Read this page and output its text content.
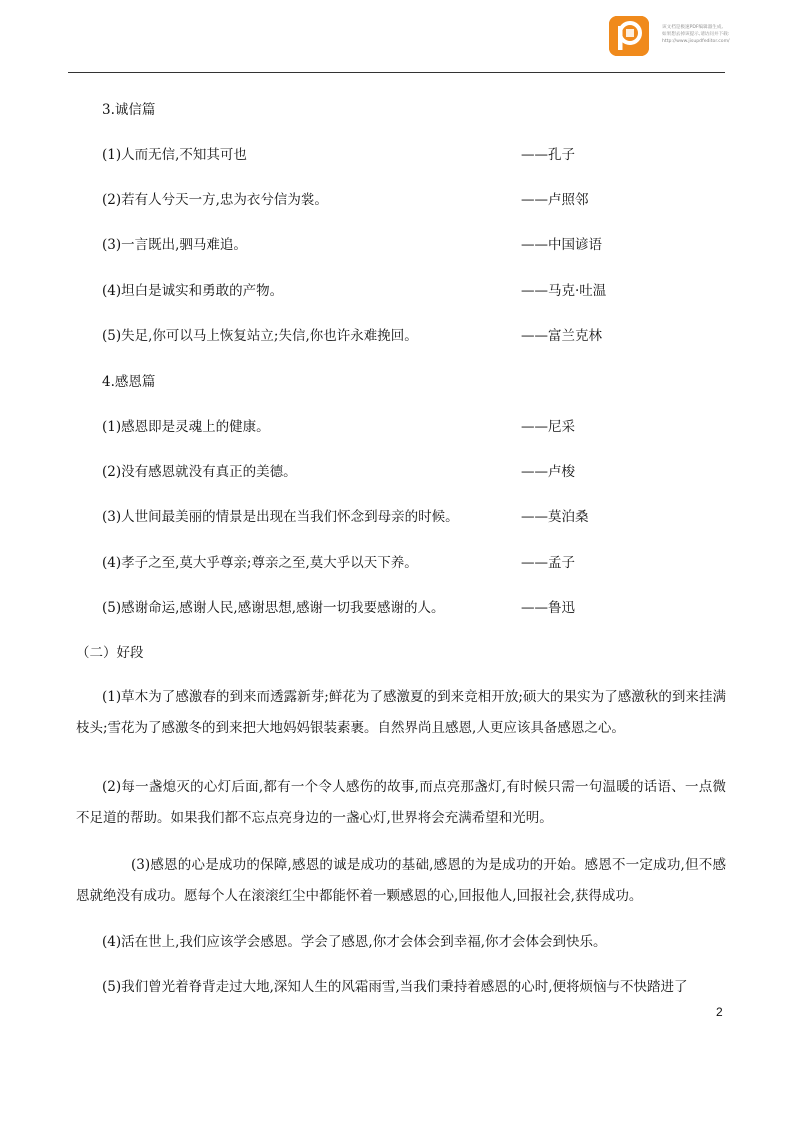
该文档是极速PDF编辑器生成,
如果想去掉该提示,请访问并下载:
http://www.jisupdfeditor.com/
3.诚信篇
(1)人而无信,不知其可也	——孔子
(2)若有人兮天一方,忠为衣兮信为裳。	——卢照邻
(3)一言既出,驷马难追。	——中国谚语
(4)坦白是诚实和勇敢的产物。	——马克·吐温
(5)失足,你可以马上恢复站立;失信,你也许永难挽回。	——富兰克林
4.感恩篇
(1)感恩即是灵魂上的健康。	——尼采
(2)没有感恩就没有真正的美德。	——卢梭
(3)人世间最美丽的情景是出现在当我们怀念到母亲的时候。	——莫泊桑
(4)孝子之至,莫大乎尊亲;尊亲之至,莫大乎以天下养。	——孟子
(5)感谢命运,感谢人民,感谢思想,感谢一切我要感谢的人。	——鲁迅
（二）好段
(1)草木为了感激春的到来而透露新芽;鲜花为了感激夏的到来竞相开放;硕大的果实为了感激秋的到来挂满枝头;雪花为了感激冬的到来把大地妈妈银装素裹。自然界尚且感恩,人更应该具备感恩之心。
(2)每一盏熄灭的心灯后面,都有一个令人感伤的故事,而点亮那盏灯,有时候只需一句温暖的话语、一点微不足道的帮助。如果我们都不忘点亮身边的一盏心灯,世界将会充满希望和光明。
(3)感恩的心是成功的保障,感恩的诚是成功的基础,感恩的为是成功的开始。感恩不一定成功,但不感恩就绝没有成功。愿每个人在滚滚红尘中都能怀着一颗感恩的心,回报他人,回报社会,获得成功。
(4)活在世上,我们应该学会感恩。学会了感恩,你才会体会到幸福,你才会体会到快乐。
(5)我们曾光着脊背走过大地,深知人生的风霜雨雪,当我们秉持着感恩的心时,便将烦恼与不快踏进了
2
